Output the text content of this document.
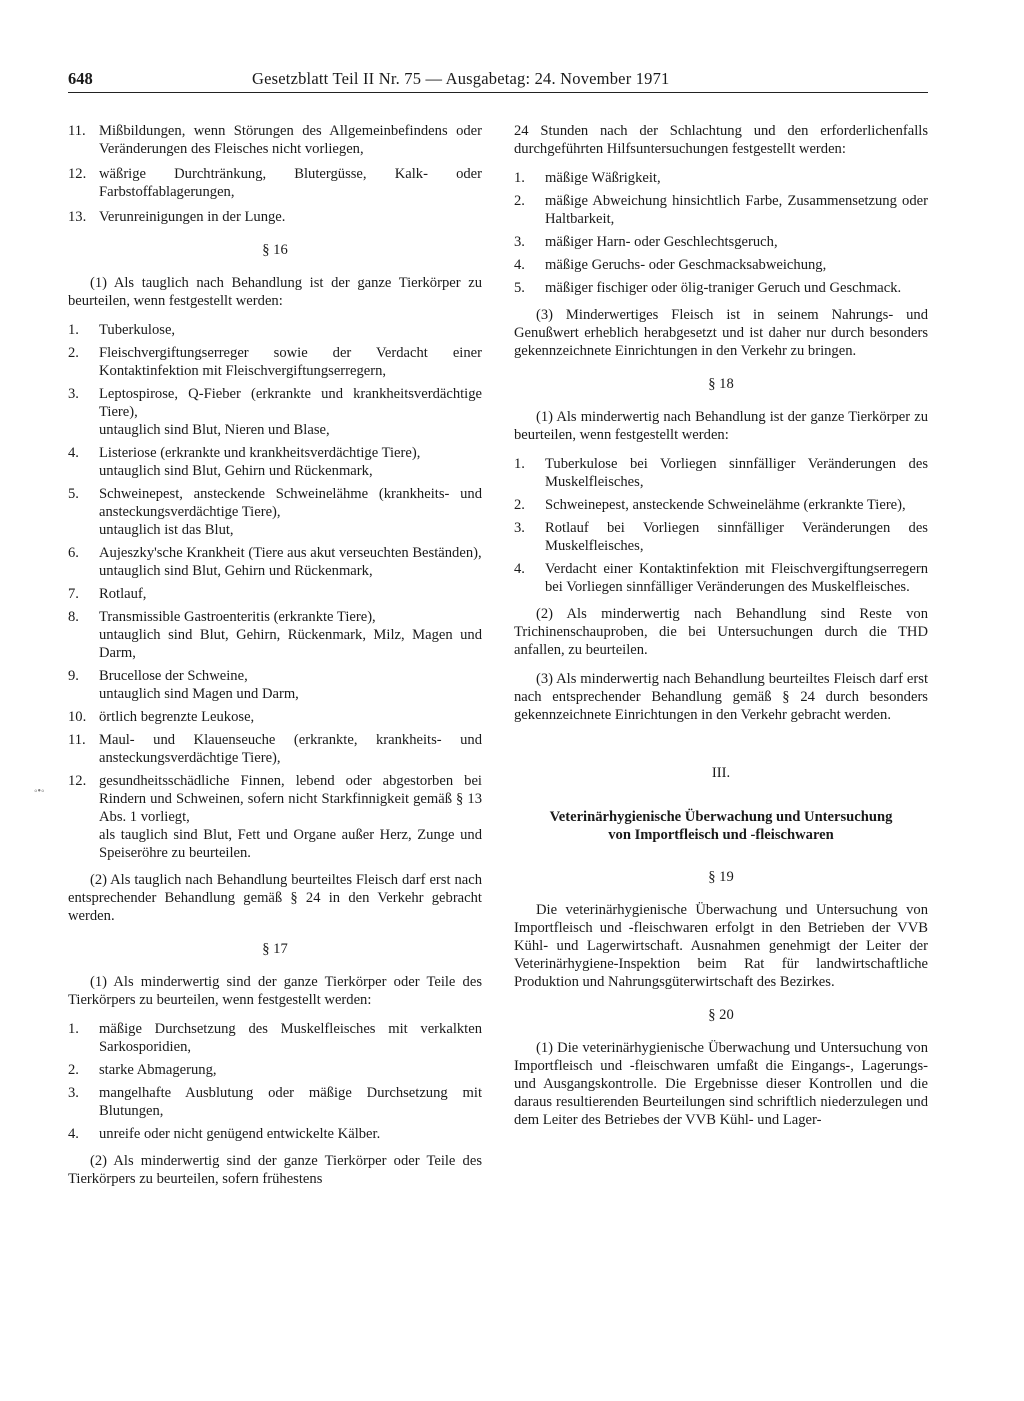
648	Gesetzblatt Teil II Nr. 75 — Ausgabetag: 24. November 1971
◦•◦
11. Mißbildungen, wenn Störungen des Allgemeinbefindens oder Veränderungen des Fleisches nicht vorliegen,
12. wäßrige Durchtränkung, Blutergüsse, Kalk- oder Farbstoffablagerungen,
13. Verunreinigungen in der Lunge.
§ 16

(1) Als tauglich nach Behandlung ist der ganze Tierkörper zu beurteilen, wenn festgestellt werden:

1. Tuberkulose,
2. Fleischvergiftungserreger sowie der Verdacht einer Kontaktinfektion mit Fleischvergiftungserregern,
3. Leptospirose, Q-Fieber (erkrankte und krankheitsverdächtige Tiere),
untauglich sind Blut, Nieren und Blase,
4. Listeriose (erkrankte und krankheitsverdächtige Tiere),
untauglich sind Blut, Gehirn und Rückenmark,
5. Schweinepest, ansteckende Schweinelähme (krankheits- und ansteckungsverdächtige Tiere),
untauglich ist das Blut,
6. Aujeszky'sche Krankheit (Tiere aus akut verseuchten Beständen),
untauglich sind Blut, Gehirn und Rückenmark,
7. Rotlauf,
8. Transmissible Gastroenteritis (erkrankte Tiere),
untauglich sind Blut, Gehirn, Rückenmark, Milz, Magen und Darm,
9. Brucellose der Schweine,
untauglich sind Magen und Darm,
10. örtlich begrenzte Leukose,
11. Maul- und Klauenseuche (erkrankte, krankheits- und ansteckungsverdächtige Tiere),
12. gesundheitsschädliche Finnen, lebend oder abgestorben bei Rindern und Schweinen, sofern nicht Starkfinnigkeit gemäß § 13 Abs. 1 vorliegt,
als tauglich sind Blut, Fett und Organe außer Herz, Zunge und Speiseröhre zu beurteilen.

(2) Als tauglich nach Behandlung beurteiltes Fleisch darf erst nach entsprechender Behandlung gemäß § 24 in den Verkehr gebracht werden.

§ 17

(1) Als minderwertig sind der ganze Tierkörper oder Teile des Tierkörpers zu beurteilen, wenn festgestellt werden:

1. mäßige Durchsetzung des Muskelfleisches mit verkalkten Sarkosporidien,
2. starke Abmagerung,
3. mangelhafte Ausblutung oder mäßige Durchsetzung mit Blutungen,
4. unreife oder nicht genügend entwickelte Kälber.

(2) Als minderwertig sind der ganze Tierkörper oder Teile des Tierkörpers zu beurteilen, sofern frühestens

24 Stunden nach der Schlachtung und den erforderlichenfalls durchgeführten Hilfsuntersuchungen festgestellt werden:

1. mäßige Wäßrigkeit,
2. mäßige Abweichung hinsichtlich Farbe, Zusammensetzung oder Haltbarkeit,
3. mäßiger Harn- oder Geschlechtsgeruch,
4. mäßige Geruchs- oder Geschmacksabweichung,
5. mäßiger fischiger oder ölig-traniger Geruch und Geschmack.

(3) Minderwertiges Fleisch ist in seinem Nahrungs- und Genußwert erheblich herabgesetzt und ist daher nur durch besonders gekennzeichnete Einrichtungen in den Verkehr zu bringen.

§ 18

(1) Als minderwertig nach Behandlung ist der ganze Tierkörper zu beurteilen, wenn festgestellt werden:

1. Tuberkulose bei Vorliegen sinnfälliger Veränderungen des Muskelfleisches,
2. Schweinepest, ansteckende Schweinelähme (erkrankte Tiere),
3. Rotlauf bei Vorliegen sinnfälliger Veränderungen des Muskelfleisches,
4. Verdacht einer Kontaktinfektion mit Fleischvergiftungserregern bei Vorliegen sinnfälliger Veränderungen des Muskelfleisches.

(2) Als minderwertig nach Behandlung sind Reste von Trichinenschauproben, die bei Untersuchungen durch die THD anfallen, zu beurteilen.

(3) Als minderwertig nach Behandlung beurteiltes Fleisch darf erst nach entsprechender Behandlung gemäß § 24 durch besonders gekennzeichnete Einrichtungen in den Verkehr gebracht werden.

III.
Veterinärhygienische Überwachung und Untersuchung
von Importfleisch und -fleischwaren
§ 19

Die veterinärhygienische Überwachung und Untersuchung von Importfleisch und -fleischwaren erfolgt in den Betrieben der VVB Kühl- und Lagerwirtschaft. Ausnahmen genehmigt der Leiter der Veterinärhygiene-Inspektion beim Rat für landwirtschaftliche Produktion und Nahrungsgüterwirtschaft des Bezirkes.

§ 20

(1) Die veterinärhygienische Überwachung und Untersuchung von Importfleisch und -fleischwaren umfaßt die Eingangs-, Lagerungs- und Ausgangskontrolle. Die Ergebnisse dieser Kontrollen und die daraus resultierenden Beurteilungen sind schriftlich niederzulegen und dem Leiter des Betriebes der VVB Kühl- und Lager-
